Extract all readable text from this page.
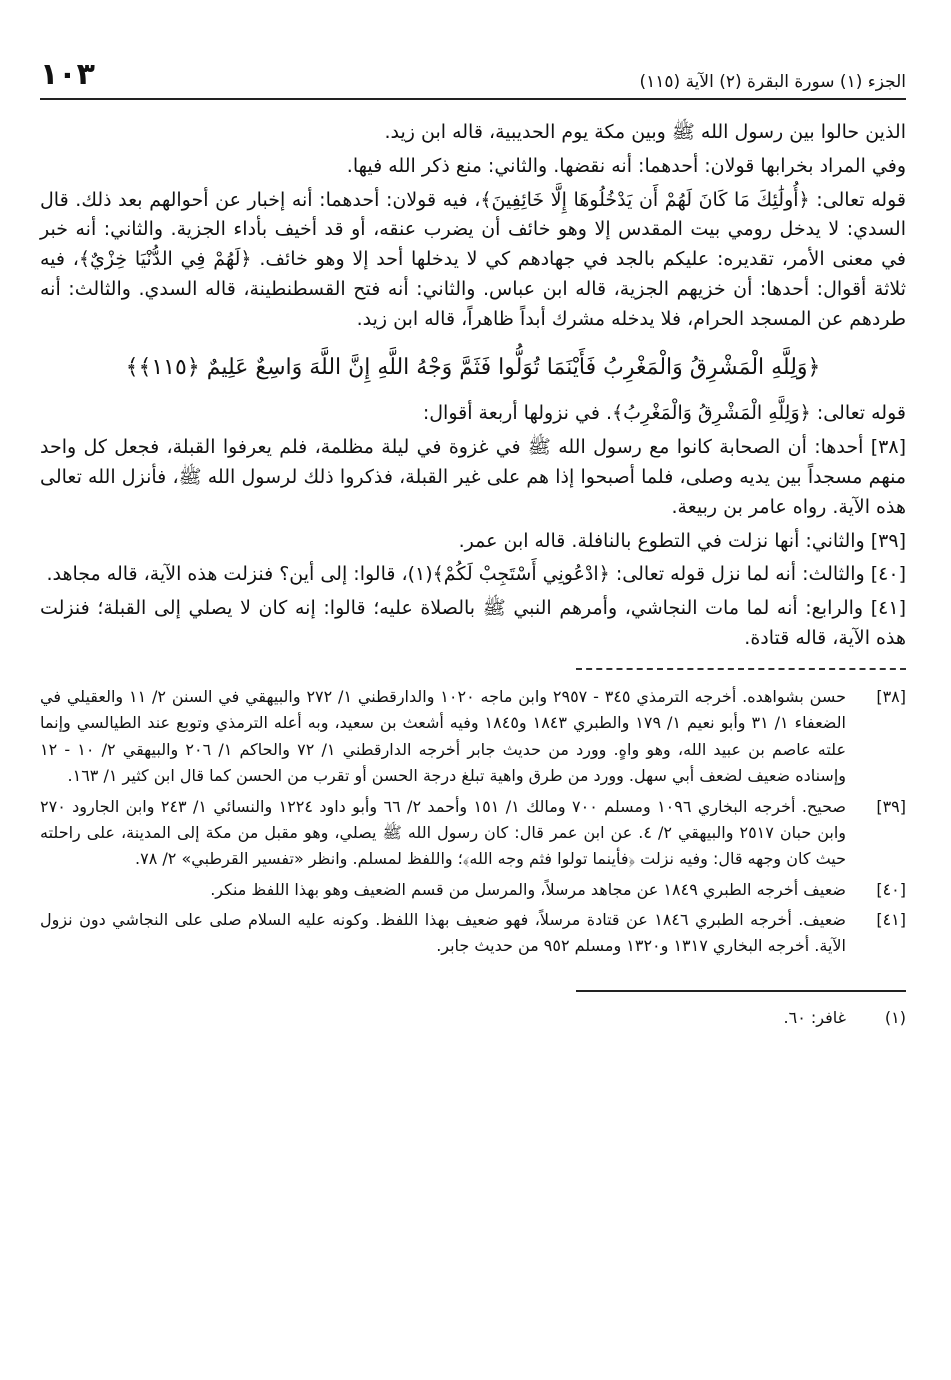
الجزء (١) سورة البقرة (٢) الآية (١١٥)
١٠٣

الذين حالوا بين رسول الله ﷺ وبين مكة يوم الحديبية، قاله ابن زيد.

وفي المراد بخرابها قولان: أحدهما: أنه نقضها. والثاني: منع ذكر الله فيها.

قوله تعالى: ﴿أُولَٰئِكَ مَا كَانَ لَهُمْ أَن يَدْخُلُوهَا إِلَّا خَائِفِينَ﴾، فيه قولان: أحدهما: أنه إخبار عن أحوالهم بعد ذلك. قال السدي: لا يدخل رومي بيت المقدس إلا وهو خائف أن يضرب عنقه، أو قد أخيف بأداء الجزية. والثاني: أنه خبر في معنى الأمر، تقديره: عليكم بالجد في جهادهم كي لا يدخلها أحد إلا وهو خائف. ﴿لَهُمْ فِي الدُّنْيَا خِزْيٌ﴾، فيه ثلاثة أقوال: أحدها: أن خزيهم الجزية، قاله ابن عباس. والثاني: أنه فتح القسطنطينة، قاله السدي. والثالث: أنه طردهم عن المسجد الحرام، فلا يدخله مشرك أبداً ظاهراً، قاله ابن زيد.

﴿وَلِلَّهِ الْمَشْرِقُ وَالْمَغْرِبُ فَأَيْنَمَا تُوَلُّوا فَثَمَّ وَجْهُ اللَّهِ إِنَّ اللَّهَ وَاسِعٌ عَلِيمٌ ﴿١١٥﴾﴾

قوله تعالى: ﴿وَلِلَّهِ الْمَشْرِقُ وَالْمَغْرِبُ﴾. في نزولها أربعة أقوال:

[٣٨] أحدها: أن الصحابة كانوا مع رسول الله ﷺ في غزوة في ليلة مظلمة، فلم يعرفوا القبلة، فجعل كل واحد منهم مسجداً بين يديه وصلى، فلما أصبحوا إذا هم على غير القبلة، فذكروا ذلك لرسول الله ﷺ، فأنزل الله تعالى هذه الآية. رواه عامر بن ربيعة.

[٣٩] والثاني: أنها نزلت في التطوع بالنافلة. قاله ابن عمر.

[٤٠] والثالث: أنه لما نزل قوله تعالى: ﴿ادْعُونِي أَسْتَجِبْ لَكُمْ﴾(١)، قالوا: إلى أين؟ فنزلت هذه الآية، قاله مجاهد.

[٤١] والرابع: أنه لما مات النجاشي، وأمرهم النبي ﷺ بالصلاة عليه؛ قالوا: إنه كان لا يصلي إلى القبلة؛ فنزلت هذه الآية، قاله قتادة.

[٣٨]
حسن بشواهده. أخرجه الترمذي ٣٤٥ - ٢٩٥٧ وابن ماجه ١٠٢٠ والدارقطني ١/ ٢٧٢ والبيهقي في السنن ٢/ ١١ والعقيلي في الضعفاء ١/ ٣١ وأبو نعيم ١/ ١٧٩ والطبري ١٨٤٣ و١٨٤٥ وفيه أشعث بن سعيد، وبه أعله الترمذي وتوبع عند الطيالسي وإنما علته عاصم بن عبيد الله، وهو واهٍ. وورد من حديث جابر أخرجه الدارقطني ١/ ٧٢ والحاكم ١/ ٢٠٦ والبيهقي ٢/ ١٠ - ١٢ وإسناده ضعيف لضعف أبي سهل. وورد من طرق واهية تبلغ درجة الحسن أو تقرب من الحسن كما قال ابن كثير ١/ ١٦٣.
[٣٩]
صحيح. أخرجه البخاري ١٠٩٦ ومسلم ٧٠٠ ومالك ١/ ١٥١ وأحمد ٢/ ٦٦ وأبو داود ١٢٢٤ والنسائي ١/ ٢٤٣ وابن الجارود ٢٧٠ وابن حبان ٢٥١٧ والبيهقي ٢/ ٤. عن ابن عمر قال: كان رسول الله ﷺ يصلي، وهو مقبل من مكة إلى المدينة، على راحلته حيث كان وجهه قال: وفيه نزلت ﴿فأينما تولوا فثم وجه الله﴾؛ واللفظ لمسلم. وانظر «تفسير القرطبي» ٢/ ٧٨.
[٤٠]
ضعيف أخرجه الطبري ١٨٤٩ عن مجاهد مرسلاً، والمرسل من قسم الضعيف وهو بهذا اللفظ منكر.
[٤١]
ضعيف. أخرجه الطبري ١٨٤٦ عن قتادة مرسلاً، فهو ضعيف بهذا اللفظ. وكونه عليه السلام صلى على النجاشي دون نزول الآية. أخرجه البخاري ١٣١٧ و١٣٢٠ ومسلم ٩٥٢ من حديث جابر.
(١)
غافر: ٦٠.
